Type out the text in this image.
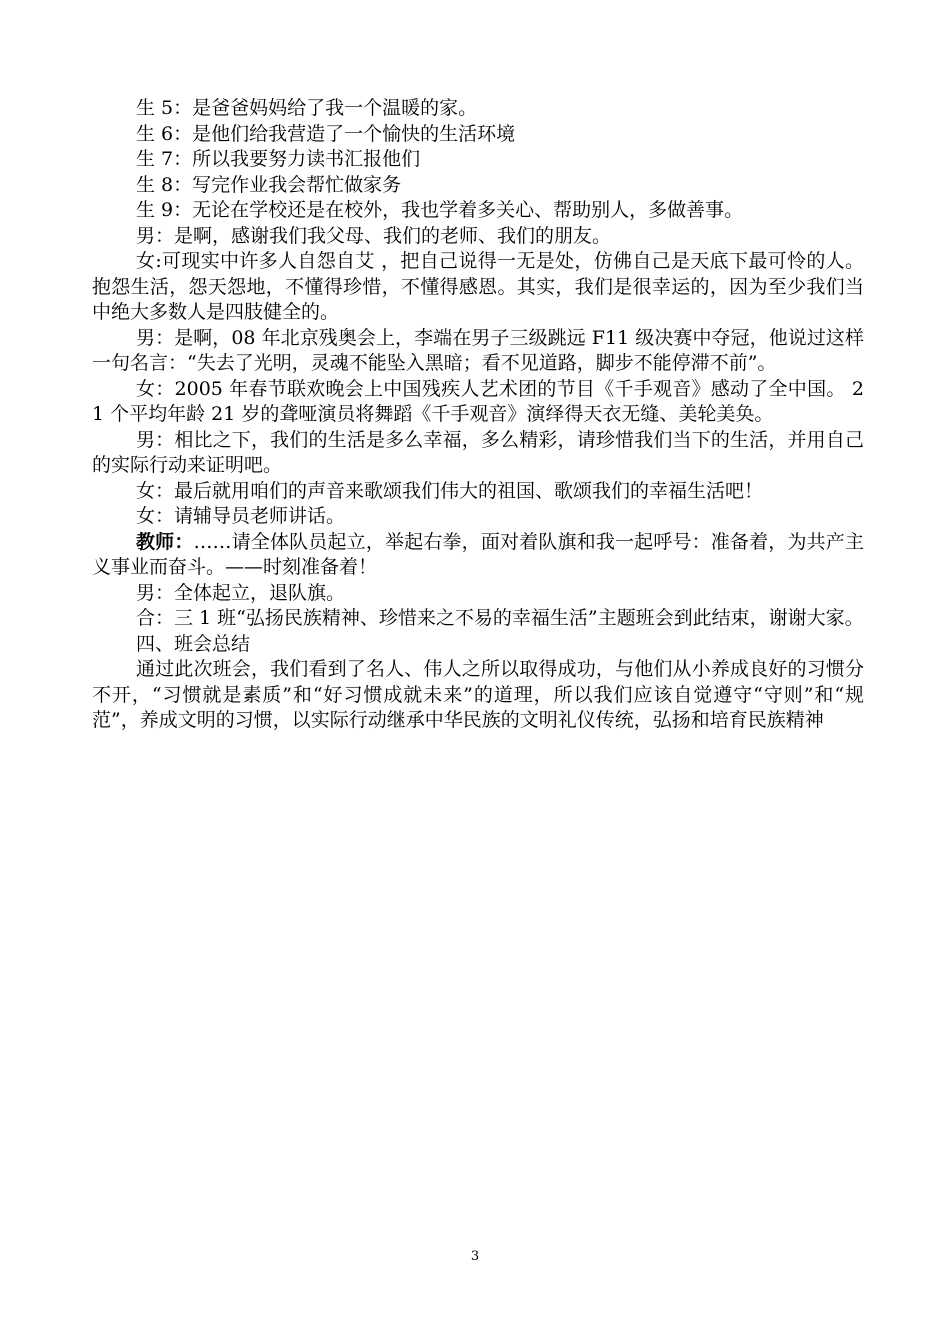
生 5：是爸爸妈妈给了我一个温暖的家。

生 6：是他们给我营造了一个愉快的生活环境

生 7：所以我要努力读书汇报他们

生 8：写完作业我会帮忙做家务

生 9：无论在学校还是在校外，我也学着多关心、帮助别人，多做善事。

男：是啊，感谢我们我父母、我们的老师、我们的朋友。

女:可现实中许多人自怨自艾 ，把自己说得一无是处，仿佛自己是天底下最可怜的人。抱怨生活，怨天怨地，不懂得珍惜，不懂得感恩。其实，我们是很幸运的，因为至少我们当中绝大多数人是四肢健全的。

男：是啊，08 年北京残奥会上，李端在男子三级跳远 F11 级决赛中夺冠，他说过这样一句名言：“失去了光明，灵魂不能坠入黑暗；看不见道路，脚步不能停滞不前”。

女：2005 年春节联欢晚会上中国残疾人艺术团的节目《千手观音》感动了全中国。 21 个平均年龄 21 岁的聋哑演员将舞蹈《千手观音》演绎得天衣无缝、美轮美奂。

男：相比之下，我们的生活是多么幸福，多么精彩，请珍惜我们当下的生活，并用自己的实际行动来证明吧。

女：最后就用咱们的声音来歌颂我们伟大的祖国、歌颂我们的幸福生活吧！

女：请辅导员老师讲话。

教师：……请全体队员起立，举起右拳，面对着队旗和我一起呼号：准备着，为共产主义事业而奋斗。——时刻准备着！

男：全体起立，退队旗。

合：三 1 班“弘扬民族精神、珍惜来之不易的幸福生活”主题班会到此结束，谢谢大家。

四、班会总结

通过此次班会，我们看到了名人、伟人之所以取得成功，与他们从小养成良好的习惯分不开，“习惯就是素质”和“好习惯成就未来”的道理，所以我们应该自觉遵守“守则”和“规范”，养成文明的习惯，以实际行动继承中华民族的文明礼仪传统，弘扬和培育民族精神

3
